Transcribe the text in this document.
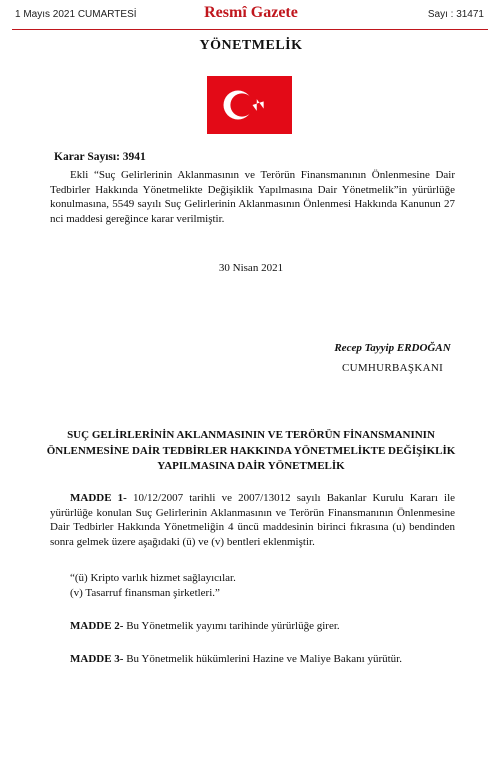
1 Mayıs 2021 CUMARTESİ	Resmî Gazete	Sayı : 31471
YÖNETMELİK
Karar Sayısı: 3941
Ekli “Suç Gelirlerinin Aklanmasının ve Terörün Finansmanının Önlenmesine Dair Tedbirler Hakkında Yönetmelikte Değişiklik Yapılmasına Dair Yönetmelik”in yürürlüğe konulmasına, 5549 sayılı Suç Gelirlerinin Aklanmasının Önlenmesi Hakkında Kanunun 27 nci maddesi gereğince karar verilmiştir.
30 Nisan 2021
Recep Tayyip ERDOĞAN
CUMHURBAŞKANI
SUÇ GELİRLERİNİN AKLANMASININ VE TERÖRÜN FİNANSMANININ
ÖNLENMESİNE DAİR TEDBİRLER HAKKINDA YÖNETMELİKTE DEĞİŞİKLİK
YAPILMASINA DAİR YÖNETMELİK
MADDE 1- 10/12/2007 tarihli ve 2007/13012 sayılı Bakanlar Kurulu Kararı ile yürürlüğe konulan Suç Gelirlerinin Aklanmasının ve Terörün Finansmanının Önlenmesine Dair Tedbirler Hakkında Yönetmeliğin 4 üncü maddesinin birinci fıkrasına (u) bendinden sonra gelmek üzere aşağıdaki (ü) ve (v) bentleri eklenmiştir.
“(ü) Kripto varlık hizmet sağlayıcılar.
(v) Tasarruf finansman şirketleri.”
MADDE 2- Bu Yönetmelik yayımı tarihinde yürürlüğe girer.
MADDE 3- Bu Yönetmelik hükümlerini Hazine ve Maliye Bakanı yürütür.
